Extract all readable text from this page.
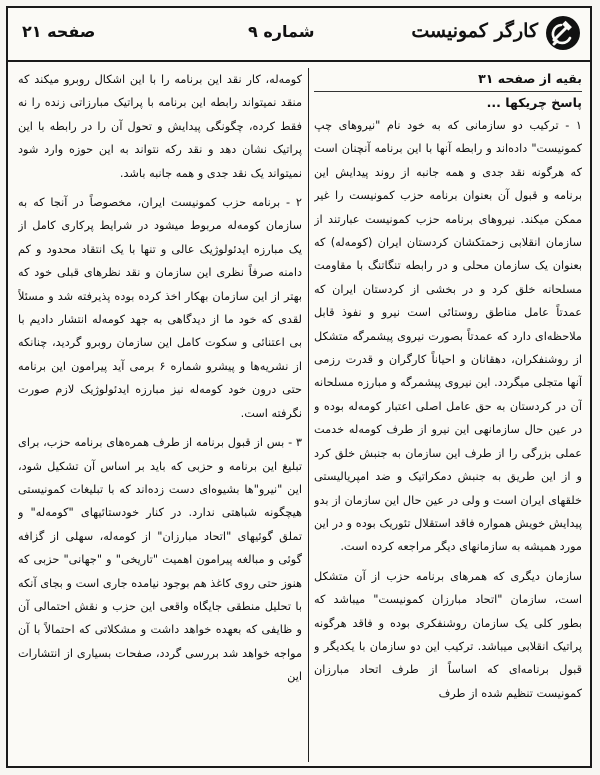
کارگر کمونیست
شماره ۹
صفحه ۲۱

بقیه از صفحه ۳۱

پاسخ چریکها ...

۱ - ترکیب دو سازمانی که به خود نام "نیروهای چپ کمونیست" داده‌اند و رابطه آنها با این برنامه آنچنان است که هرگونه نقد جدی و همه جانبه از روند پیدایش این برنامه و قبول آن بعنوان برنامه حزب کمونیست را غیر ممکن میکند. نیروهای برنامه حزب کمونیست عبارتند از سازمان انقلابی زحمتکشان کردستان ایران (کومه‌له) که بعنوان یک سازمان محلی و در رابطه تنگاتنگ با مقاومت مسلحانه خلق کرد و در بخشی از کردستان ایران که عمدتاً عامل مناطق روستائی است نیرو و نفوذ قابل ملاحظه‌ای دارد که عمدتاً بصورت نیروی پیشمرگه متشکل از روشنفکران، دهقانان و احیاناً کارگران و قدرت رزمی آنها متجلی میگردد. این نیروی پیشمرگه و مبارزه مسلحانه آن در کردستان به حق عامل اصلی اعتبار کومه‌له بوده و در عین حال سازمانهی این نیرو از طرف کومه‌له خدمت عملی بزرگی را از طرف این سازمان به جنبش خلق کرد و از این طریق به جنبش دمکراتیک و ضد امپریالیستی خلقهای ایران است و ولی در عین حال این سازمان از بدو پیدایش خویش همواره فاقد استقلال تئوریک بوده و در این مورد همیشه به سازمانهای دیگر مراجعه کرده است.

سازمان دیگری که همرهای برنامه حزب از آن متشکل است، سازمان "اتحاد مبارزان کمونیست" میباشد که بطور کلی یک سازمان روشنفکری بوده و فاقد هرگونه پراتیک انقلابی میباشد. ترکیب این دو سازمان با یکدیگر و قبول برنامه‌ای که اساساً از طرف اتحاد مبارزان کمونیست تنظیم شده از طرف

کومه‌له، کار نقد این برنامه را با این اشکال روبرو میکند که منقد نمیتواند رابطه این برنامه با پراتیک مبارزاتی زنده را نه فقط کرده، چگونگی پیدایش و تحول آن را در رابطه با این پراتیک نشان دهد و نقد رکه نتواند به این حوزه وارد شود نمیتواند یک نقد جدی و همه جانبه باشد.

۲ - برنامه حزب کمونیست ایران، مخصوصاً در آنجا که به سازمان کومه‌له مربوط میشود در شرایط پرکاری کامل از یک مبارزه ایدئولوژیک عالی و تنها با یک انتقاد محدود و کم دامنه صرفاً نظری این سازمان و نقد نظرهای قبلی خود که بهتر از این سازمان بهکار اخذ کرده بوده پذیرفته شد و مسئلاً لقدی که خود ما از دیدگاهی به جهد کومه‌له انتشار دادیم با بی اعتنائی و سکوت کامل این سازمان روبرو گردید، چنانکه از نشریه‌ها و پیشرو شماره ۶ برمی آید پیرامون این برنامه حتی درون خود کومه‌له نیز مبارزه ایدئولوژیک لازم صورت نگرفته است.

۳ - بس از قبول برنامه از طرف همره‌های برنامه حزب، برای تبلیغ این برنامه و حزبی که باید بر اساس آن تشکیل شود، این "نیرو"ها بشیوه‌ای دست زده‌اند که با تبلیغات کمونیستی هیچگونه شباهتی ندارد. در کنار خودستائیهای "کومه‌له" و تملق گوئیهای "اتحاد مبارزان" از کومه‌له، سهلی از گزافه گوئی و مبالغه پیرامون اهمیت "تاریخی" و "جهانی" حزبی که هنوز حتی روی کاغذ هم بوجود نیامده جاری است و بجای آنکه با تحلیل منطقی جایگاه واقعی این حزب و نقش احتمالی آن و ظایفی که بعهده خواهد داشت و مشکلاتی که احتمالاً با آن مواجه خواهد شد بررسی گردد، صفحات بسیاری از انتشارات این
